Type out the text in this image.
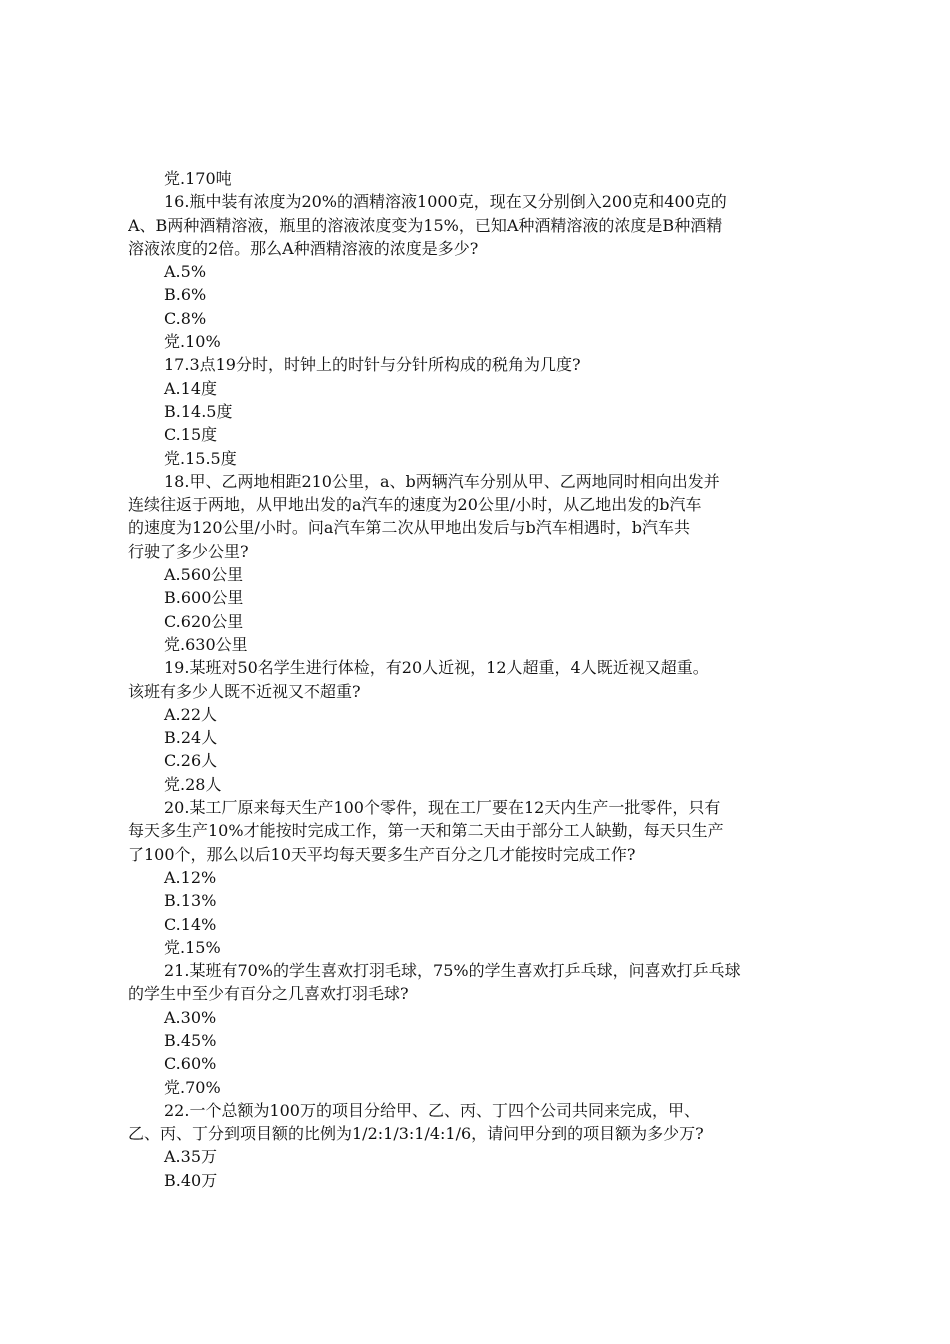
党.170吨
16.瓶中装有浓度为20%的酒精溶液1000克，现在又分别倒入200克和400克的
A、B两种酒精溶液，瓶里的溶液浓度变为15%，已知A种酒精溶液的浓度是B种酒精
溶液浓度的2倍。那么A种酒精溶液的浓度是多少?
A.5%
B.6%
C.8%
党.10%
17.3点19分时，时钟上的时针与分针所构成的税角为几度?
A.14度
B.14.5度
C.15度
党.15.5度
18.甲、乙两地相距210公里，a、b两辆汽车分别从甲、乙两地同时相向出发并
连续往返于两地，从甲地出发的a汽车的速度为20公里/小时，从乙地出发的b汽车
的速度为120公里/小时。问a汽车第二次从甲地出发后与b汽车相遇时，b汽车共
行驶了多少公里?
A.560公里
B.600公里
C.620公里
党.630公里
19.某班对50名学生进行体检，有20人近视，12人超重，4人既近视又超重。
该班有多少人既不近视又不超重?
A.22人
B.24人
C.26人
党.28人
20.某工厂原来每天生产100个零件，现在工厂要在12天内生产一批零件，只有
每天多生产10%才能按时完成工作，第一天和第二天由于部分工人缺勤，每天只生产
了100个，那么以后10天平均每天要多生产百分之几才能按时完成工作?
A.12%
B.13%
C.14%
党.15%
21.某班有70%的学生喜欢打羽毛球，75%的学生喜欢打乒乓球，问喜欢打乒乓球
的学生中至少有百分之几喜欢打羽毛球?
A.30%
B.45%
C.60%
党.70%
22.一个总额为100万的项目分给甲、乙、丙、丁四个公司共同来完成，甲、
乙、丙、丁分到项目额的比例为1/2:1/3:1/4:1/6，请问甲分到的项目额为多少万?
A.35万
B.40万
